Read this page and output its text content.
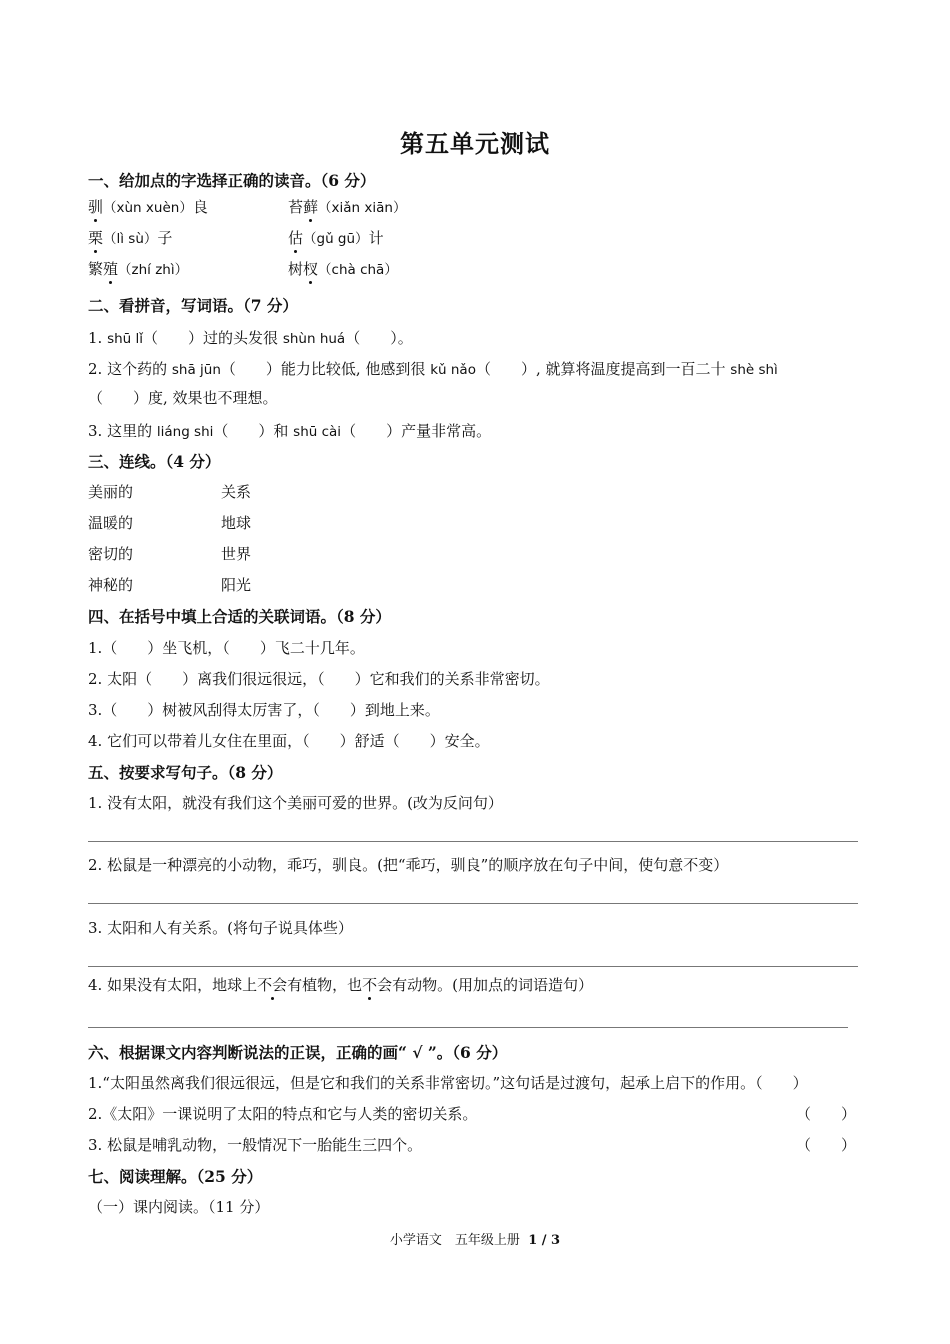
第五单元测试
一、给加点的字选择正确的读音。（6 分）
驯（xùn xuèn）良	苔藓（xiǎn xiān）
栗（lì sù）子	估（gǔ gū）计
繁殖（zhí zhì）	树杈（chà chā）
二、看拼音，写词语。（7 分）
1. shū lǐ（　　）过的头发很 shùn huá（　　）。
2. 这个药的 shā jūn（　　）能力比较低, 他感到很 kǔ nǎo（　　）, 就算将温度提高到一百二十 shè shì
（　　）度, 效果也不理想。
3. 这里的 liáng shi（　　）和 shū cài（　　）产量非常高。
三、连线。（4 分）
美丽的	关系
温暖的	地球
密切的	世界
神秘的	阳光
四、在括号中填上合适的关联词语。（8 分）
1.（　　）坐飞机，（　　）飞二十几年。
2. 太阳（　　）离我们很远很远，（　　）它和我们的关系非常密切。
3.（　　）树被风刮得太厉害了，（　　）到地上来。
4. 它们可以带着儿女住在里面，（　　）舒适（　　）安全。
五、按要求写句子。（8 分）
1. 没有太阳，就没有我们这个美丽可爱的世界。(改为反问句）
2. 松鼠是一种漂亮的小动物，乖巧，驯良。(把“乖巧，驯良”的顺序放在句子中间，使句意不变）
3. 太阳和人有关系。(将句子说具体些）
4. 如果没有太阳，地球上不会有植物，也不会有动物。(用加点的词语造句）
六、根据课文内容判断说法的正误，正确的画“ √ ”。（6 分）
1.“太阳虽然离我们很远很远，但是它和我们的关系非常密切。”这句话是过渡句，起承上启下的作用。（　　）
2.《太阳》一课说明了太阳的特点和它与人类的密切关系。	（　　）
3. 松鼠是哺乳动物，一般情况下一胎能生三四个。	（　　）
七、阅读理解。（25 分）
（一）课内阅读。（11 分）
小学语文　五年级上册 1 / 3
